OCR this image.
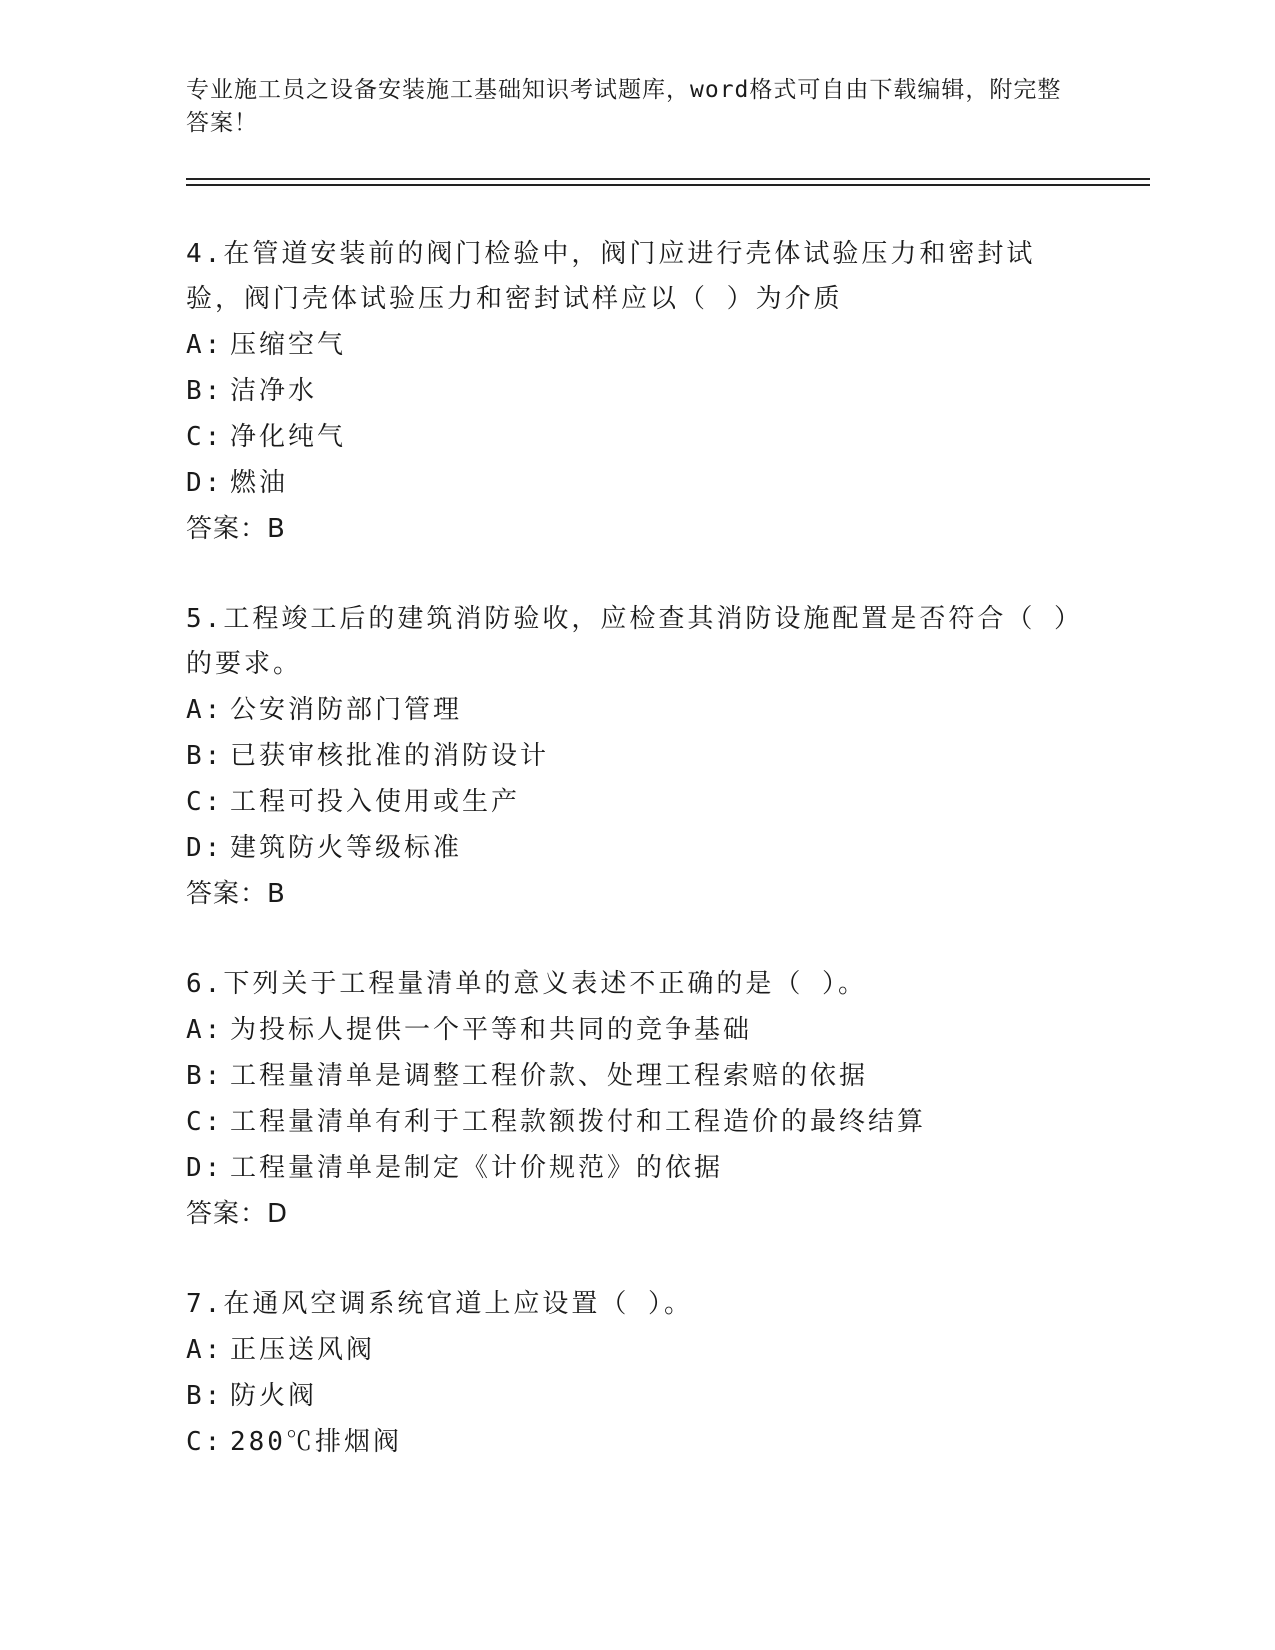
专业施工员之设备安装施工基础知识考试题库，word格式可自由下载编辑，附完整答案！

4.在管道安装前的阀门检验中，阀门应进行壳体试验压力和密封试验，阀门壳体试验压力和密封试样应以（ ）为介质

A: 压缩空气

B: 洁净水

C: 净化纯气

D: 燃油

答案：B

5.工程竣工后的建筑消防验收，应检查其消防设施配置是否符合（ ）的要求。

A: 公安消防部门管理

B: 已获审核批准的消防设计

C: 工程可投入使用或生产

D: 建筑防火等级标准

答案：B

6.下列关于工程量清单的意义表述不正确的是（ ）。

A: 为投标人提供一个平等和共同的竞争基础

B: 工程量清单是调整工程价款、处理工程索赔的依据

C: 工程量清单有利于工程款额拨付和工程造价的最终结算

D: 工程量清单是制定《计价规范》的依据

答案：D

7.在通风空调系统官道上应设置（ ）。

A: 正压送风阀

B: 防火阀

C: 280℃排烟阀
